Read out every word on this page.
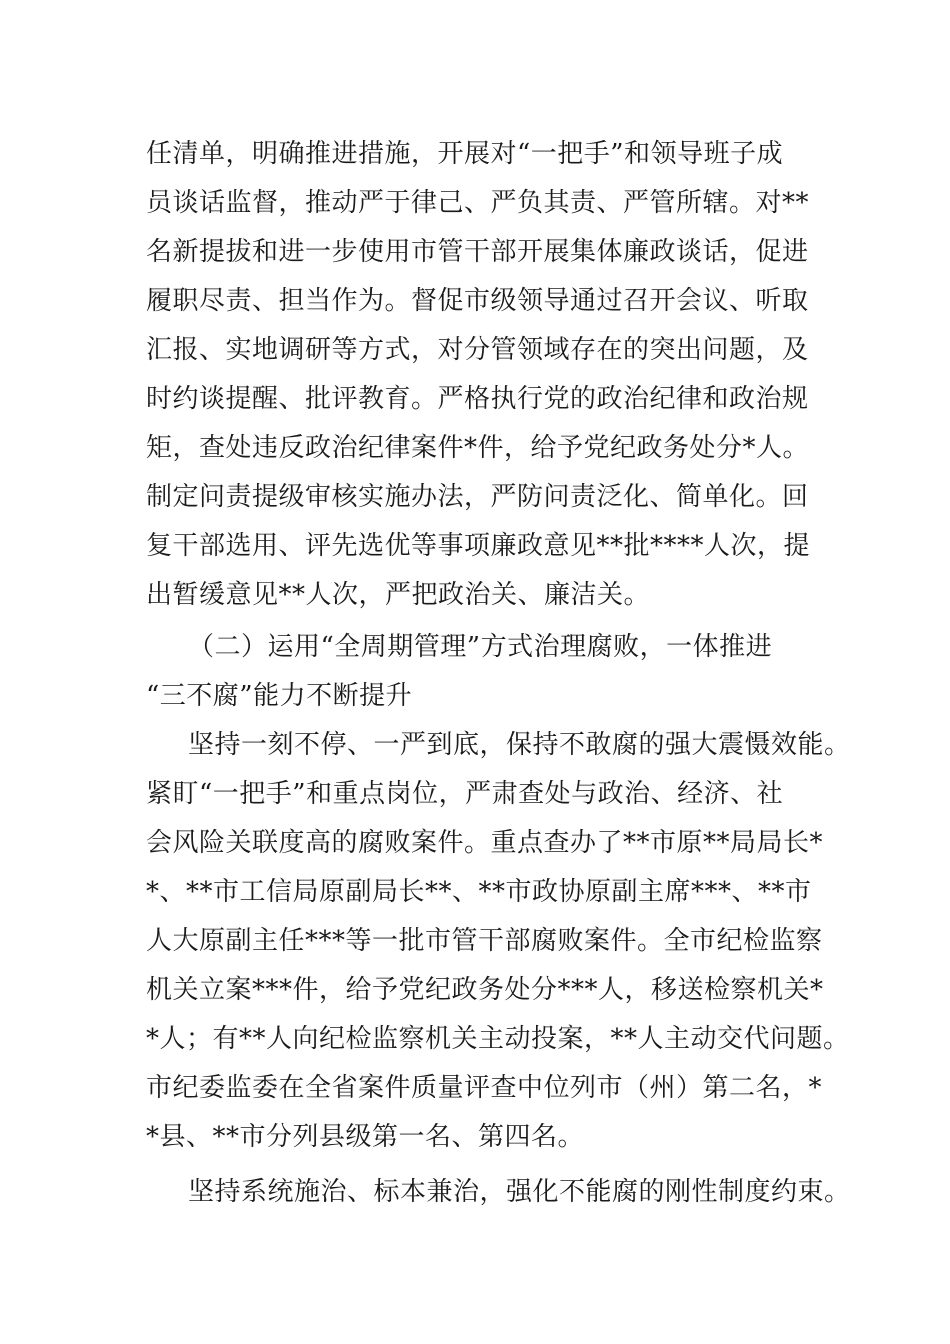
任清单，明确推进措施，开展对“一把手”和领导班子成
员谈话监督，推动严于律己、严负其责、严管所辖。对**
名新提拔和进一步使用市管干部开展集体廉政谈话，促进
履职尽责、担当作为。督促市级领导通过召开会议、听取
汇报、实地调研等方式，对分管领域存在的突出问题，及
时约谈提醒、批评教育。严格执行党的政治纪律和政治规
矩，查处违反政治纪律案件*件，给予党纪政务处分*人。
制定问责提级审核实施办法，严防问责泛化、简单化。回
复干部选用、评先选优等事项廉政意见**批****人次，提
出暂缓意见**人次，严把政治关、廉洁关。
（二）运用“全周期管理”方式治理腐败，一体推进
“三不腐”能力不断提升
坚持一刻不停、一严到底，保持不敢腐的强大震慑效能。
紧盯“一把手”和重点岗位，严肃查处与政治、经济、社
会风险关联度高的腐败案件。重点查办了**市原**局局长*
*、**市工信局原副局长**、**市政协原副主席***、**市
人大原副主任***等一批市管干部腐败案件。全市纪检监察
机关立案***件，给予党纪政务处分***人，移送检察机关*
*人；有**人向纪检监察机关主动投案，**人主动交代问题。
市纪委监委在全省案件质量评查中位列市（州）第二名，*
*县、**市分列县级第一名、第四名。
坚持系统施治、标本兼治，强化不能腐的刚性制度约束。
